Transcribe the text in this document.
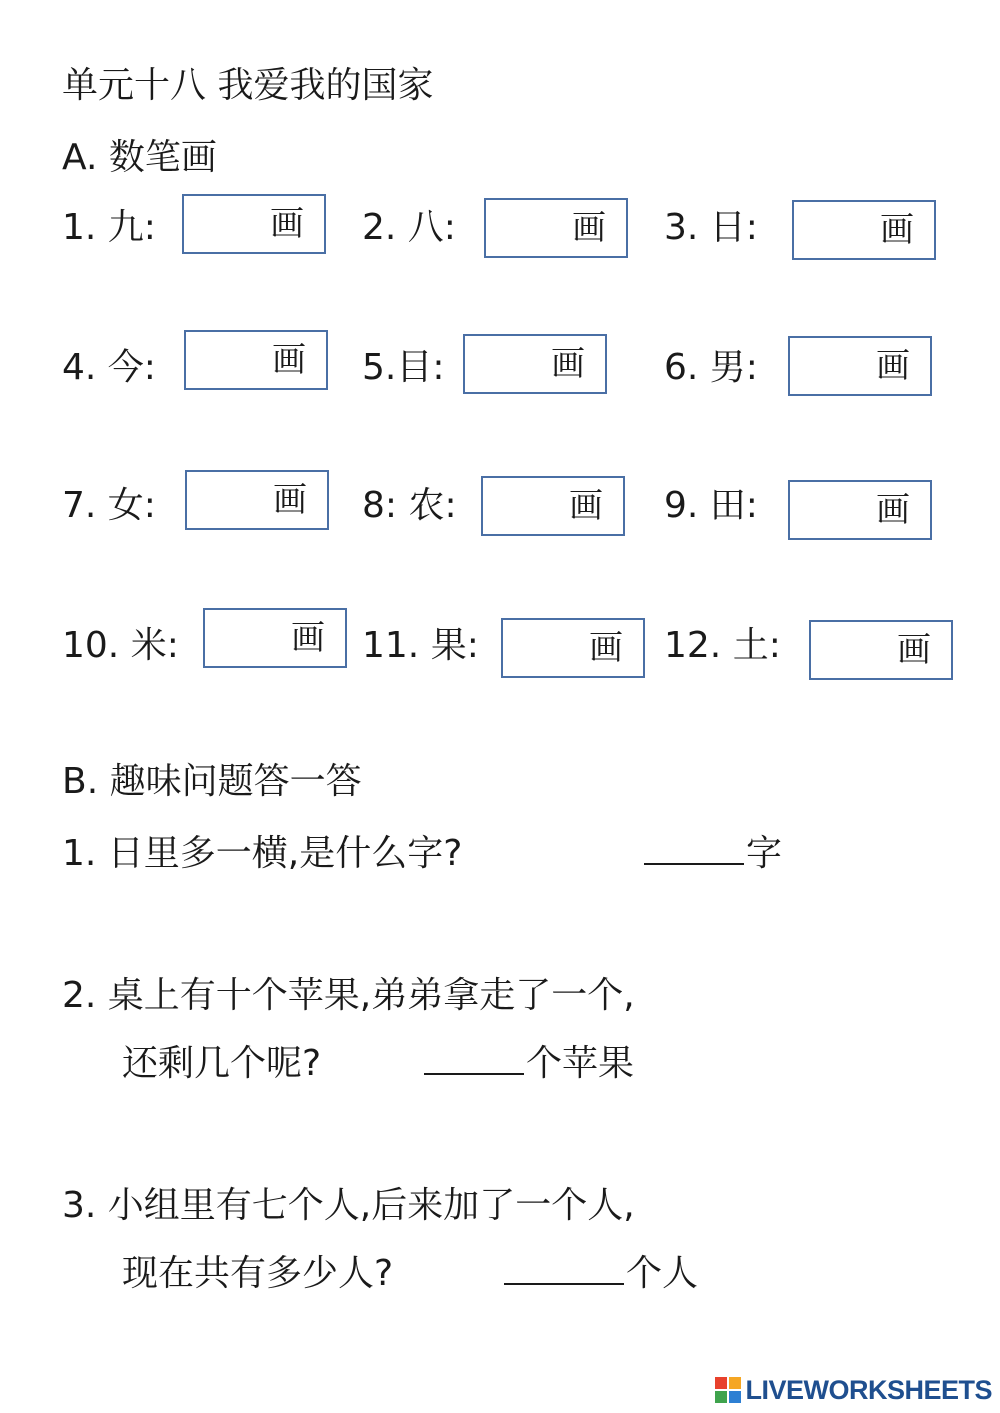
单元十八 我爱我的国家
A. 数笔画
1. 九:	画 2. 八:	画 3. 日:	画
4. 今:	画 5.目:	画 6. 男:	画
7. 女:	画 8: 农:	画 9. 田:	画
10. 米:	画 11. 果:	画 12. 土:	画
B. 趣味问题答一答
1. 日里多一横,是什么字?	字
2. 桌上有十个苹果,弟弟拿走了一个,
还剩几个呢?	个苹果
3. 小组里有七个人,后来加了一个人,
现在共有多少人?	个人
LIVEWORKSHEETS
